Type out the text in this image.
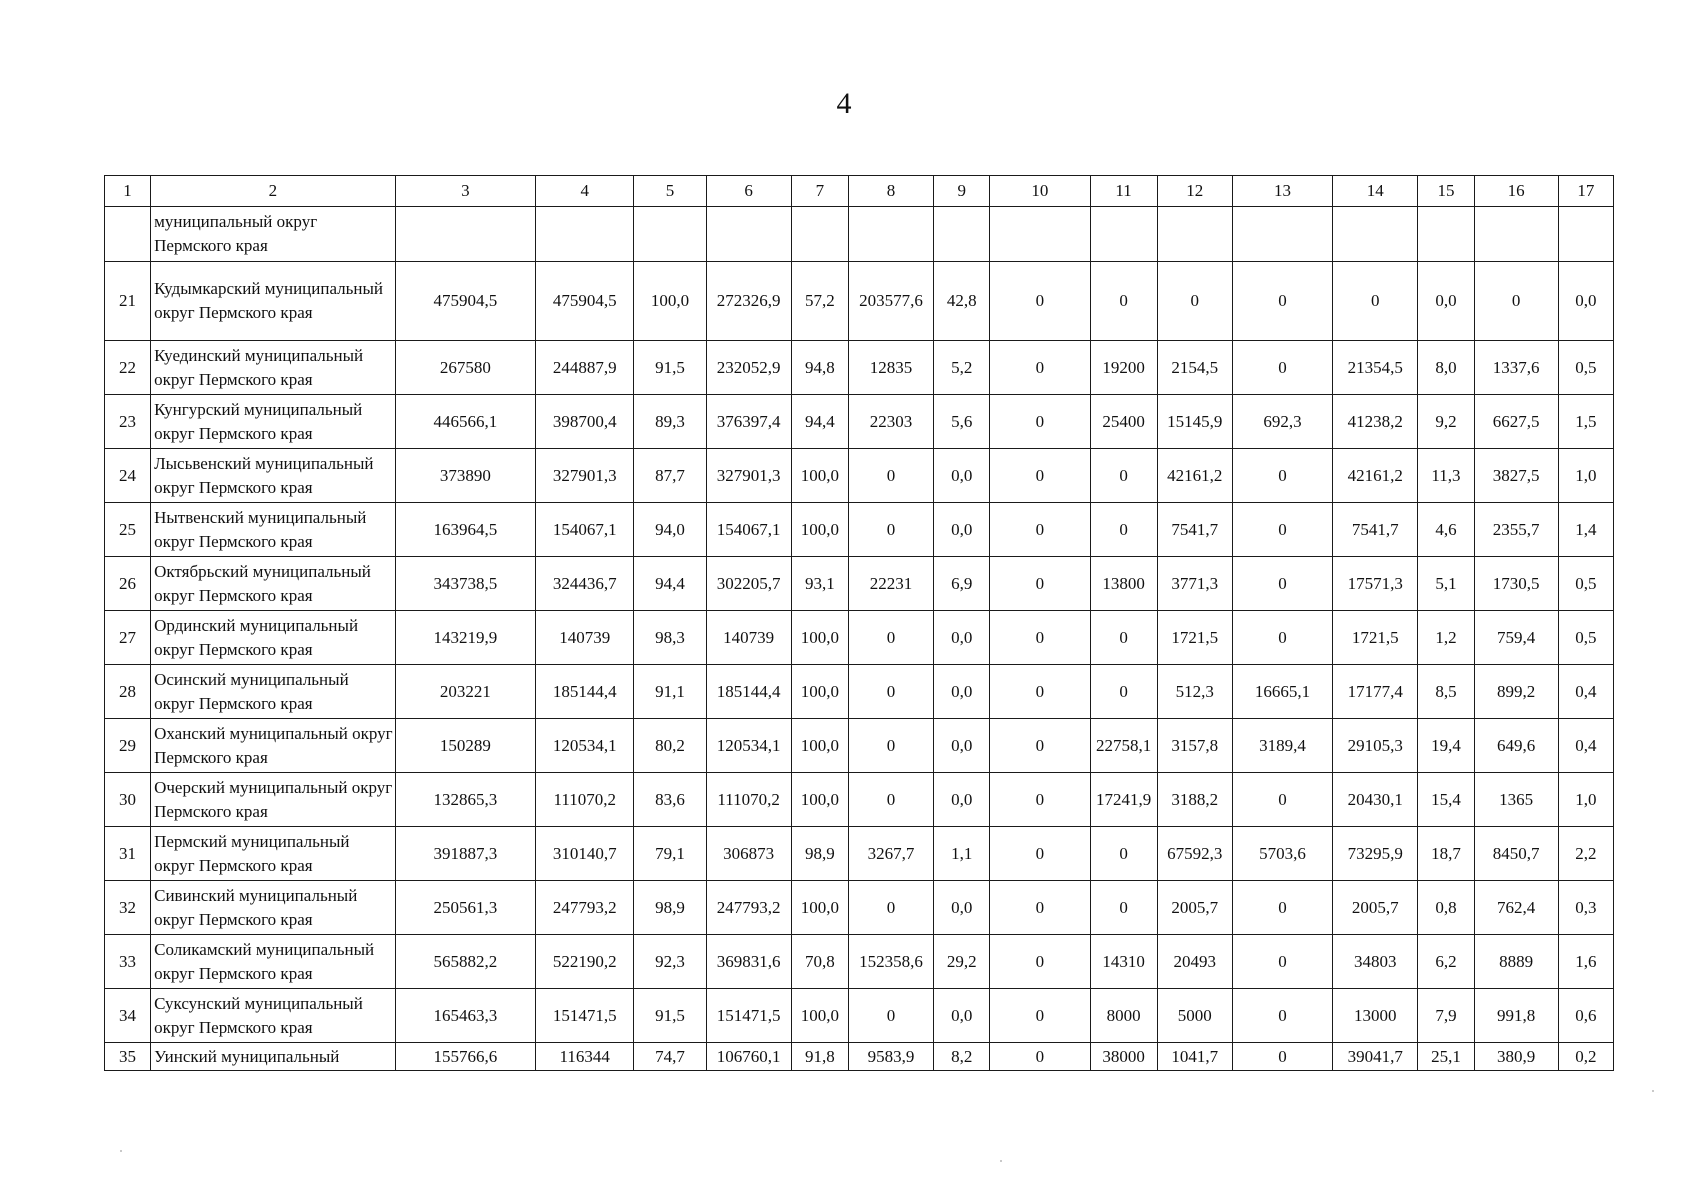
4
1	2	3	4	5	6	7	8	9	10	11	12	13	14	15	16	17
	муниципальный округ Пермского края															
21	Кудымкарский муниципальный округ Пермского края	475904,5	475904,5	100,0	272326,9	57,2	203577,6	42,8	0	0	0	0	0	0,0	0	0,0
22	Куединский муниципальный округ Пермского края	267580	244887,9	91,5	232052,9	94,8	12835	5,2	0	19200	2154,5	0	21354,5	8,0	1337,6	0,5
23	Кунгурский муниципальный округ Пермского края	446566,1	398700,4	89,3	376397,4	94,4	22303	5,6	0	25400	15145,9	692,3	41238,2	9,2	6627,5	1,5
24	Лысьвенский муниципальный округ Пермского края	373890	327901,3	87,7	327901,3	100,0	0	0,0	0	0	42161,2	0	42161,2	11,3	3827,5	1,0
25	Нытвенский муниципальный округ Пермского края	163964,5	154067,1	94,0	154067,1	100,0	0	0,0	0	0	7541,7	0	7541,7	4,6	2355,7	1,4
26	Октябрьский муниципальный округ Пермского края	343738,5	324436,7	94,4	302205,7	93,1	22231	6,9	0	13800	3771,3	0	17571,3	5,1	1730,5	0,5
27	Ординский муниципальный округ Пермского края	143219,9	140739	98,3	140739	100,0	0	0,0	0	0	1721,5	0	1721,5	1,2	759,4	0,5
28	Осинский муниципальный округ Пермского края	203221	185144,4	91,1	185144,4	100,0	0	0,0	0	0	512,3	16665,1	17177,4	8,5	899,2	0,4
29	Оханский муниципальный округ Пермского края	150289	120534,1	80,2	120534,1	100,0	0	0,0	0	22758,1	3157,8	3189,4	29105,3	19,4	649,6	0,4
30	Очерский муниципальный округ Пермского края	132865,3	111070,2	83,6	111070,2	100,0	0	0,0	0	17241,9	3188,2	0	20430,1	15,4	1365	1,0
31	Пермский муниципальный округ Пермского края	391887,3	310140,7	79,1	306873	98,9	3267,7	1,1	0	0	67592,3	5703,6	73295,9	18,7	8450,7	2,2
32	Сивинский муниципальный округ Пермского края	250561,3	247793,2	98,9	247793,2	100,0	0	0,0	0	0	2005,7	0	2005,7	0,8	762,4	0,3
33	Соликамский муниципальный округ Пермского края	565882,2	522190,2	92,3	369831,6	70,8	152358,6	29,2	0	14310	20493	0	34803	6,2	8889	1,6
34	Суксунский муниципальный округ Пермского края	165463,3	151471,5	91,5	151471,5	100,0	0	0,0	0	8000	5000	0	13000	7,9	991,8	0,6
35	Уинский муниципальный	155766,6	116344	74,7	106760,1	91,8	9583,9	8,2	0	38000	1041,7	0	39041,7	25,1	380,9	0,2
